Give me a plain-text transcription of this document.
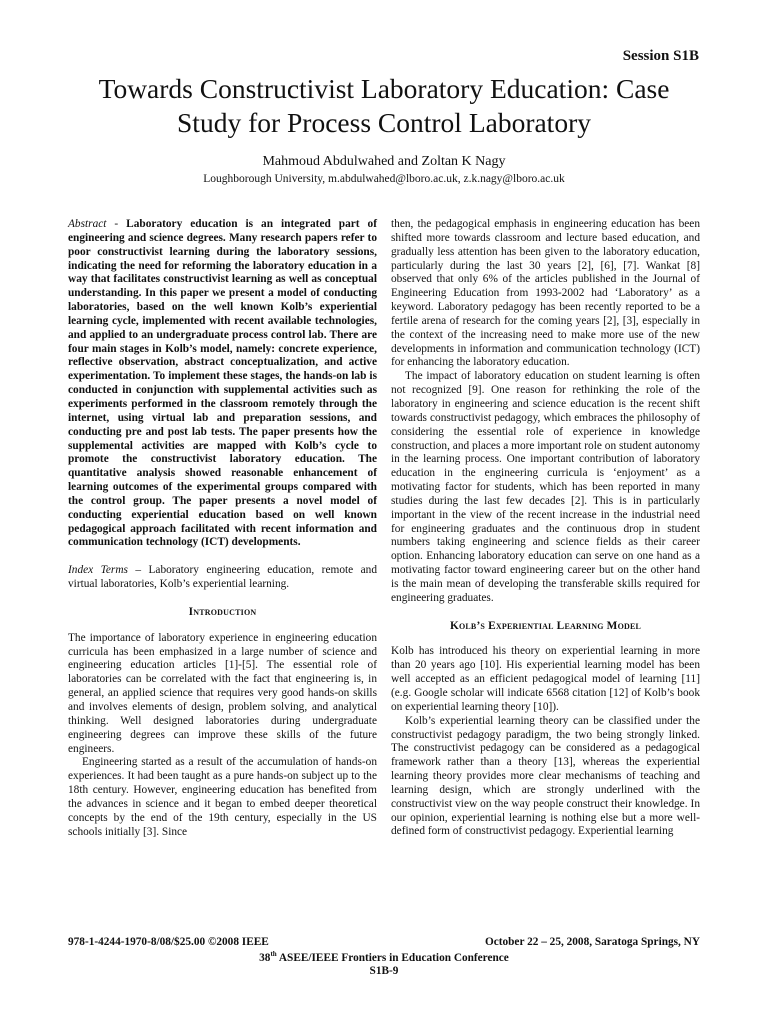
Session S1B
Towards Constructivist Laboratory Education: Case
Study for Process Control Laboratory
Mahmoud Abdulwahed and Zoltan K Nagy
Loughborough University, m.abdulwahed@lboro.ac.uk, z.k.nagy@lboro.ac.uk

Abstract - Laboratory education is an integrated part of engineering and science degrees. Many research papers refer to poor constructivist learning during the laboratory sessions, indicating the need for reforming the laboratory education in a way that facilitates constructivist learning as well as conceptual understanding. In this paper we present a model of conducting laboratories, based on the well known Kolb’s experiential learning cycle, implemented with recent available technologies, and applied to an undergraduate process control lab. There are four main stages in Kolb’s model, namely: concrete experience, reflective observation, abstract conceptualization, and active experimentation. To implement these stages, the hands-on lab is conducted in conjunction with supplemental activities such as experiments performed in the classroom remotely through the internet, using virtual lab and preparation sessions, and conducting pre and post lab tests. The paper presents how the supplemental activities are mapped with Kolb’s cycle to promote the constructivist laboratory education. The quantitative analysis showed reasonable enhancement of learning outcomes of the experimental groups compared with the control group. The paper presents a novel model of conducting experiential education based on well known pedagogical approach facilitated with recent information and communication technology (ICT) developments.

Index Terms – Laboratory engineering education, remote and virtual laboratories, Kolb’s experiential learning.

Introduction

The importance of laboratory experience in engineering education curricula has been emphasized in a large number of science and engineering education articles [1]-[5]. The essential role of laboratories can be correlated with the fact that engineering is, in general, an applied science that requires very good hands-on skills and involves elements of design, problem solving, and analytical thinking. Well designed laboratories during undergraduate engineering degrees can improve these skills of the future engineers.

Engineering started as a result of the accumulation of hands-on experiences. It had been taught as a pure hands-on subject up to the 18th century. However, engineering education has benefited from the advances in science and it began to embed deeper theoretical concepts by the end of the 19th century, especially in the US schools initially [3]. Since

then, the pedagogical emphasis in engineering education has been shifted more towards classroom and lecture based education, and gradually less attention has been given to the laboratory education, particularly during the last 30 years [2], [6], [7]. Wankat [8] observed that only 6% of the articles published in the Journal of Engineering Education from 1993-2002 had ‘Laboratory’ as a keyword. Laboratory pedagogy has been recently reported to be a fertile arena of research for the coming years [2], [3], especially in the context of the increasing need to make more use of the new developments in information and communication technology (ICT) for enhancing the laboratory education.

The impact of laboratory education on student learning is often not recognized [9]. One reason for rethinking the role of the laboratory in engineering and science education is the recent shift towards constructivist pedagogy, which embraces the philosophy of considering the essential role of experience in knowledge construction, and places a more important role on student autonomy in the learning process. One important contribution of laboratory education in the engineering curricula is ‘enjoyment’ as a motivating factor for students, which has been reported in many studies during the last few decades [2]. This is in particularly important in the view of the recent increase in the industrial need for engineering graduates and the continuous drop in student numbers taking engineering and science fields as their career option. Enhancing laboratory education can serve on one hand as a motivating factor toward engineering career but on the other hand is the main mean of developing the transferable skills required for engineering graduates.

Kolb’s Experiential Learning Model

Kolb has introduced his theory on experiential learning in more than 20 years ago [10]. His experiential learning model has been well accepted as an efficient pedagogical model of learning [11] (e.g. Google scholar will indicate 6568 citation [12] of Kolb’s book on experiential learning theory [10]).

Kolb’s experiential learning theory can be classified under the constructivist pedagogy paradigm, the two being strongly linked. The constructivist pedagogy can be considered as a pedagogical framework rather than a theory [13], whereas the experiential learning theory provides more clear mechanisms of teaching and learning design, which are strongly underlined with the constructivist view on the way people construct their knowledge. In our opinion, experiential learning is nothing else but a more well-defined form of constructivist pedagogy. Experiential learning

978-1-4244-1970-8/08/$25.00 ©2008 IEEE	October 22 – 25, 2008, Saratoga Springs, NY
38th ASEE/IEEE Frontiers in Education Conference
S1B-9
